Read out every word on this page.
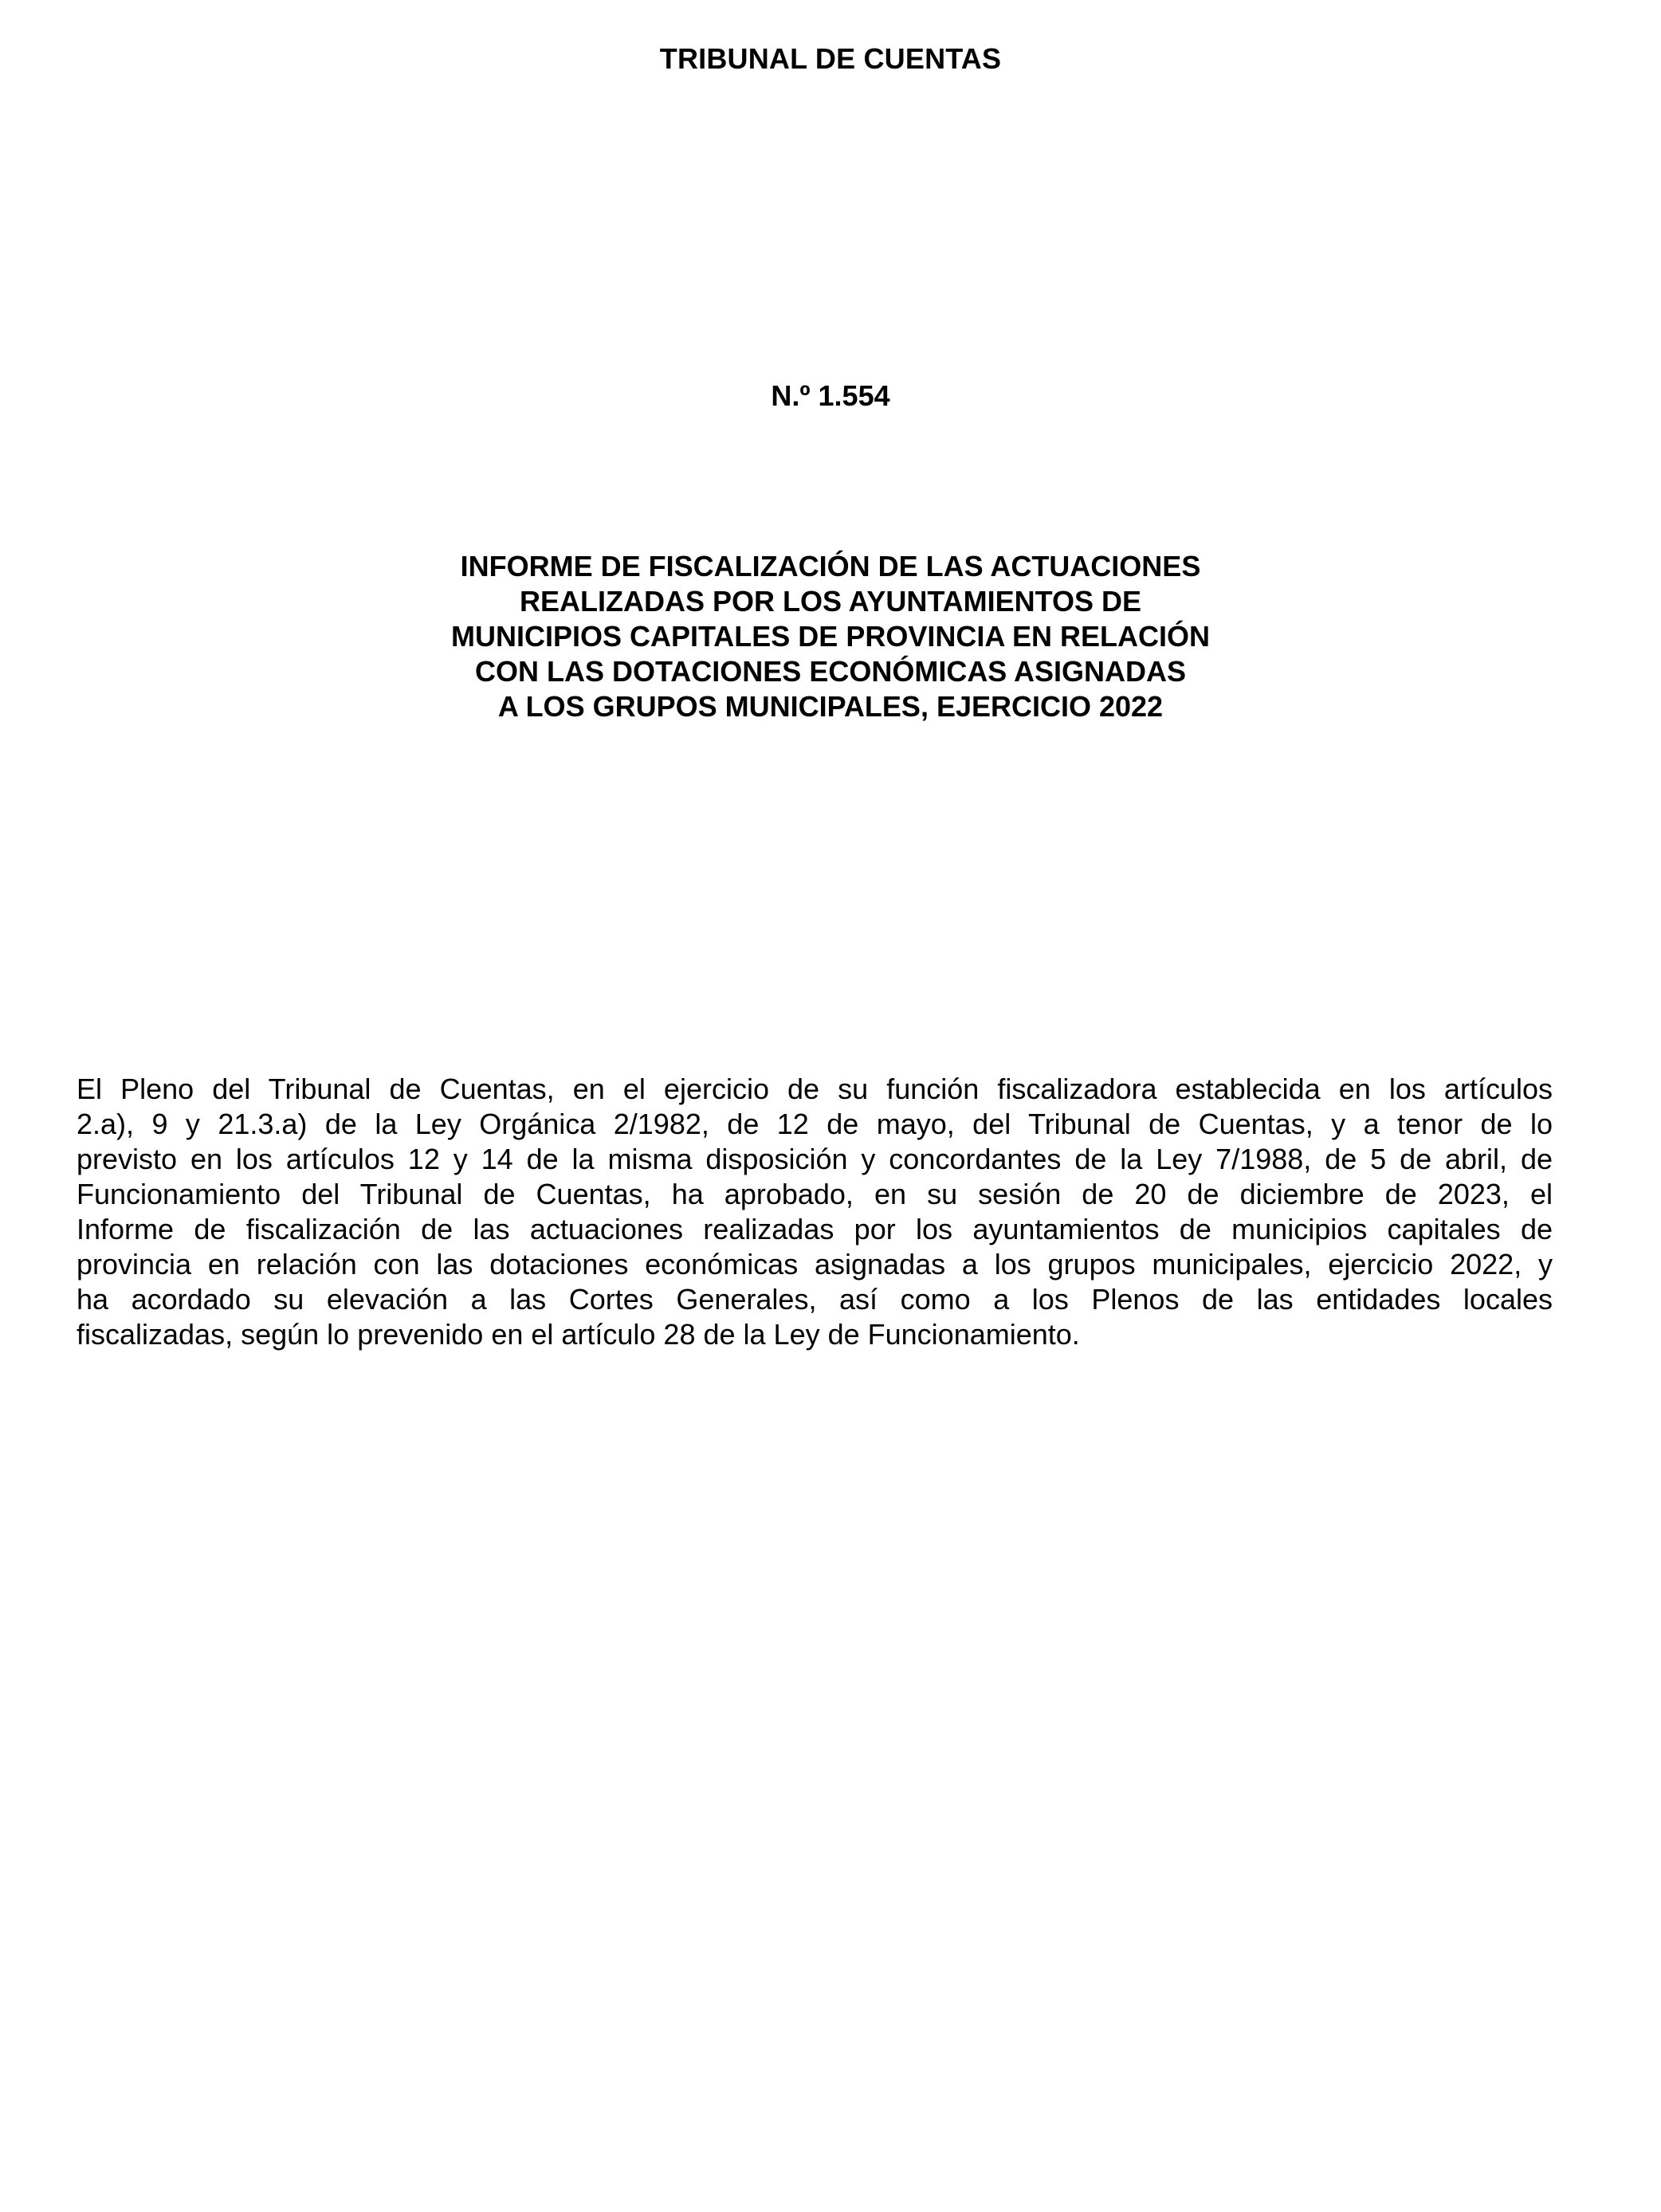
TRIBUNAL DE CUENTAS
N.º 1.554
INFORME DE FISCALIZACIÓN DE LAS ACTUACIONES
REALIZADAS POR LOS AYUNTAMIENTOS DE
MUNICIPIOS CAPITALES DE PROVINCIA EN RELACIÓN
CON LAS DOTACIONES ECONÓMICAS ASIGNADAS
A LOS GRUPOS MUNICIPALES, EJERCICIO 2022

El Pleno del Tribunal de Cuentas, en el ejercicio de su función fiscalizadora establecida en los artículos
2.a), 9 y 21.3.a) de la Ley Orgánica 2/1982, de 12 de mayo, del Tribunal de Cuentas, y a tenor de lo
previsto en los artículos 12 y 14 de la misma disposición y concordantes de la Ley 7/1988, de 5 de abril, de
Funcionamiento del Tribunal de Cuentas, ha aprobado, en su sesión de 20 de diciembre de 2023, el
Informe de fiscalización de las actuaciones realizadas por los ayuntamientos de municipios capitales de
provincia en relación con las dotaciones económicas asignadas a los grupos municipales, ejercicio 2022, y
ha acordado su elevación a las Cortes Generales, así como a los Plenos de las entidades locales
fiscalizadas, según lo prevenido en el artículo 28 de la Ley de Funcionamiento.
